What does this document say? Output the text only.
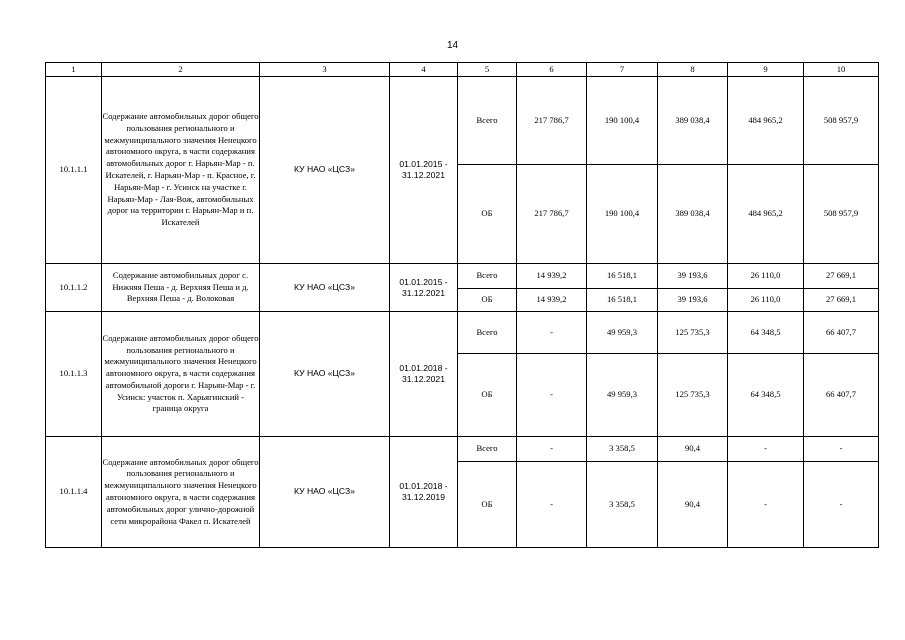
14
1	2	3	4	5	6	7	8	9	10
10.1.1.1	Содержание автомобильных дорог общего пользования регионального и межмуниципального значения Ненецкого автономного округа, в части содержания автомобильных дорог г. Нарьян-Мар - п. Искателей, г. Нарьян-Мар - п. Красное, г. Нарьян-Мар - г. Усинск на участке г. Нарьян-Мар - Лая-Вож, автомобильных дорог на территории г. Нарьян-Мар и п. Искателей	КУ НАО «ЦСЗ»	01.01.2015 - 31.12.2021	Всего	217 786,7	190 100,4	389 038,4	484 965,2	508 957,9
				ОБ	217 786,7	190 100,4	389 038,4	484 965,2	508 957,9
10.1.1.2	Содержание автомобильных дорог с. Нижняя Пеша - д. Верхняя Пеша и д. Верхняя Пеша - д. Волоковая	КУ НАО «ЦСЗ»	01.01.2015 - 31.12.2021	Всего	14 939,2	16 518,1	39 193,6	26 110,0	27 669,1
				ОБ	14 939,2	16 518,1	39 193,6	26 110,0	27 669,1
10.1.1.3	Содержание автомобильных дорог общего пользования регионального и межмуниципального значения Ненецкого автономного округа, в части содержания автомобильной дороги г. Нарьян-Мар - г. Усинск: участок п. Харьягинский - граница округа	КУ НАО «ЦСЗ»	01.01.2018 - 31.12.2021	Всего	-	49 959,3	125 735,3	64 348,5	66 407,7
				ОБ	-	49 959,3	125 735,3	64 348,5	66 407,7
10.1.1.4	Содержание автомобильных дорог общего пользования регионального и межмуниципального значения Ненецкого автономного округа, в части содержания автомобильных дорог улично-дорожной сети микрорайона Факел п. Искателей	КУ НАО «ЦСЗ»	01.01.2018 - 31.12.2019	Всего	-	3 358,5	90,4	-	-
				ОБ	-	3 358,5	90,4	-	-
